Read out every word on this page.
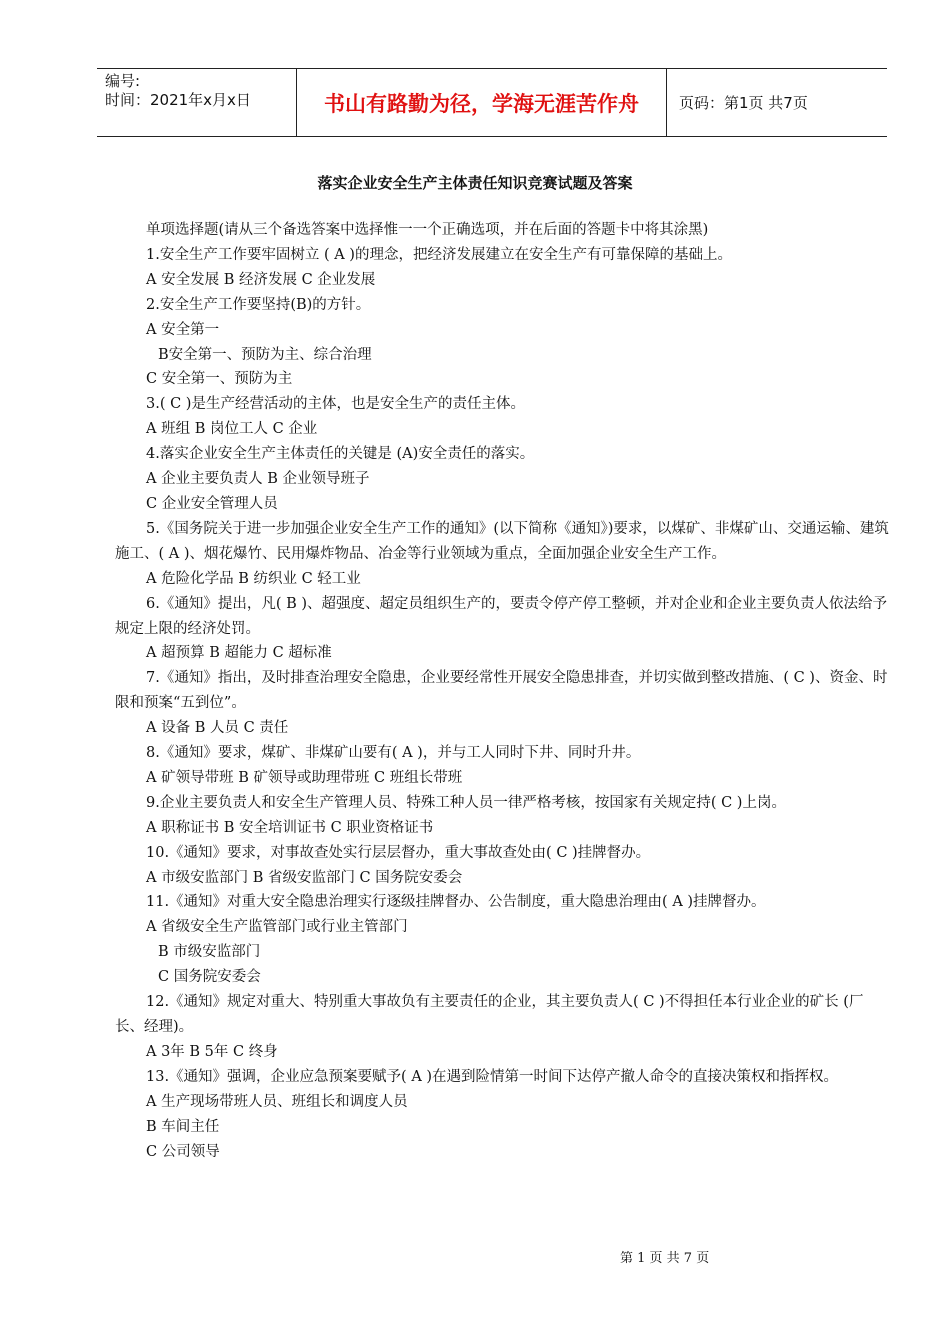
编号:
时间：2021年x月x日	书山有路勤为径，学海无涯苦作舟	页码：第1页 共7页
落实企业安全生产主体责任知识竞赛试题及答案

单项选择题(请从三个备选答案中选择惟一一个正确选项，并在后面的答题卡中将其涂黑)

1.安全生产工作要牢固树立 ( A )的理念，把经济发展建立在安全生产有可靠保障的基础上。

A 安全发展 B 经济发展 C 企业发展

2.安全生产工作要坚持(B)的方针。

A 安全第一

B安全第一、预防为主、综合治理

C 安全第一、预防为主

3.( C )是生产经营活动的主体，也是安全生产的责任主体。

A 班组 B 岗位工人 C 企业

4.落实企业安全生产主体责任的关键是 (A)安全责任的落实。

A 企业主要负责人 B 企业领导班子

C 企业安全管理人员

5.《国务院关于进一步加强企业安全生产工作的通知》(以下简称《通知》)要求，以煤矿、非煤矿山、交通运输、建筑施工、( A )、烟花爆竹、民用爆炸物品、冶金等行业领域为重点，全面加强企业安全生产工作。

A 危险化学品 B 纺织业 C 轻工业

6.《通知》提出，凡( B )、超强度、超定员组织生产的，要责令停产停工整顿，并对企业和企业主要负责人依法给予规定上限的经济处罚。

A 超预算 B 超能力 C 超标准

7.《通知》指出，及时排查治理安全隐患，企业要经常性开展安全隐患排查，并切实做到整改措施、( C )、资金、时限和预案“五到位”。

A 设备 B 人员 C 责任

8.《通知》要求，煤矿、非煤矿山要有( A )，并与工人同时下井、同时升井。

A 矿领导带班 B 矿领导或助理带班 C 班组长带班

9.企业主要负责人和安全生产管理人员、特殊工种人员一律严格考核，按国家有关规定持( C )上岗。

A 职称证书 B 安全培训证书 C 职业资格证书

10.《通知》要求，对事故查处实行层层督办，重大事故查处由( C )挂牌督办。

A 市级安监部门 B 省级安监部门 C 国务院安委会

11.《通知》对重大安全隐患治理实行逐级挂牌督办、公告制度，重大隐患治理由( A )挂牌督办。

A 省级安全生产监管部门或行业主管部门

B 市级安监部门

C 国务院安委会

12.《通知》规定对重大、特别重大事故负有主要责任的企业，其主要负责人( C )不得担任本行业企业的矿长 (厂长、经理)。

A 3年 B 5年 C 终身

13.《通知》强调，企业应急预案要赋予( A )在遇到险情第一时间下达停产撤人命令的直接决策权和指挥权。

A 生产现场带班人员、班组长和调度人员

B 车间主任

C 公司领导

第 1 页 共 7 页
